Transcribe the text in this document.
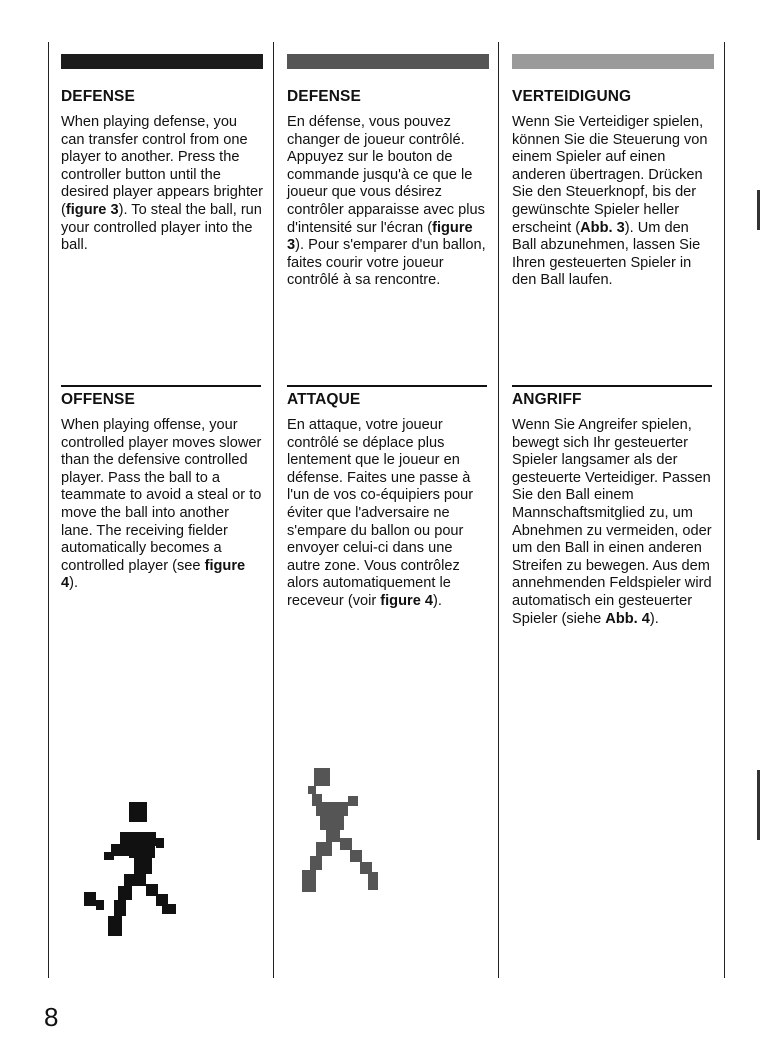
DEFENSE

When playing defense, you can transfer control from one player to another. Press the controller button until the desired player appears brighter (figure 3). To steal the ball, run your controlled player into the ball.

DEFENSE

En défense, vous pouvez changer de joueur contrôlé. Appuyez sur le bouton de commande jusqu'à ce que le joueur que vous désirez contrôler apparaisse avec plus d'intensité sur l'écran (figure 3). Pour s'emparer d'un ballon, faites courir votre joueur contrôlé à sa rencontre.

VERTEIDIGUNG

Wenn Sie Verteidiger spielen, können Sie die Steuerung von einem Spieler auf einen anderen übertragen. Drücken Sie den Steuerknopf, bis der gewünschte Spieler heller erscheint (Abb. 3). Um den Ball abzunehmen, lassen Sie Ihren gesteuerten Spieler in den Ball laufen.

OFFENSE

When playing offense, your controlled player moves slower than the defensive controlled player. Pass the ball to a teammate to avoid a steal or to move the ball into another lane. The receiving fielder automatically becomes a controlled player (see figure 4).

ATTAQUE

En attaque, votre joueur contrôlé se déplace plus lentement que le joueur en défense. Faites une passe à l'un de vos co-équipiers pour éviter que l'adversaire ne s'empare du ballon ou pour envoyer celui-ci dans une autre zone. Vous contrôlez alors automatiquement le receveur (voir figure 4).

ANGRIFF

Wenn Sie Angreifer spielen, bewegt sich Ihr gesteuerter Spieler langsamer als der gesteuerte Verteidiger. Passen Sie den Ball einem Mannschaftsmitglied zu, um Abnehmen zu vermeiden, oder um den Ball in einen anderen Streifen zu bewegen. Aus dem annehmenden Feldspieler wird automatisch ein gesteuerter Spieler (siehe Abb. 4).

8
